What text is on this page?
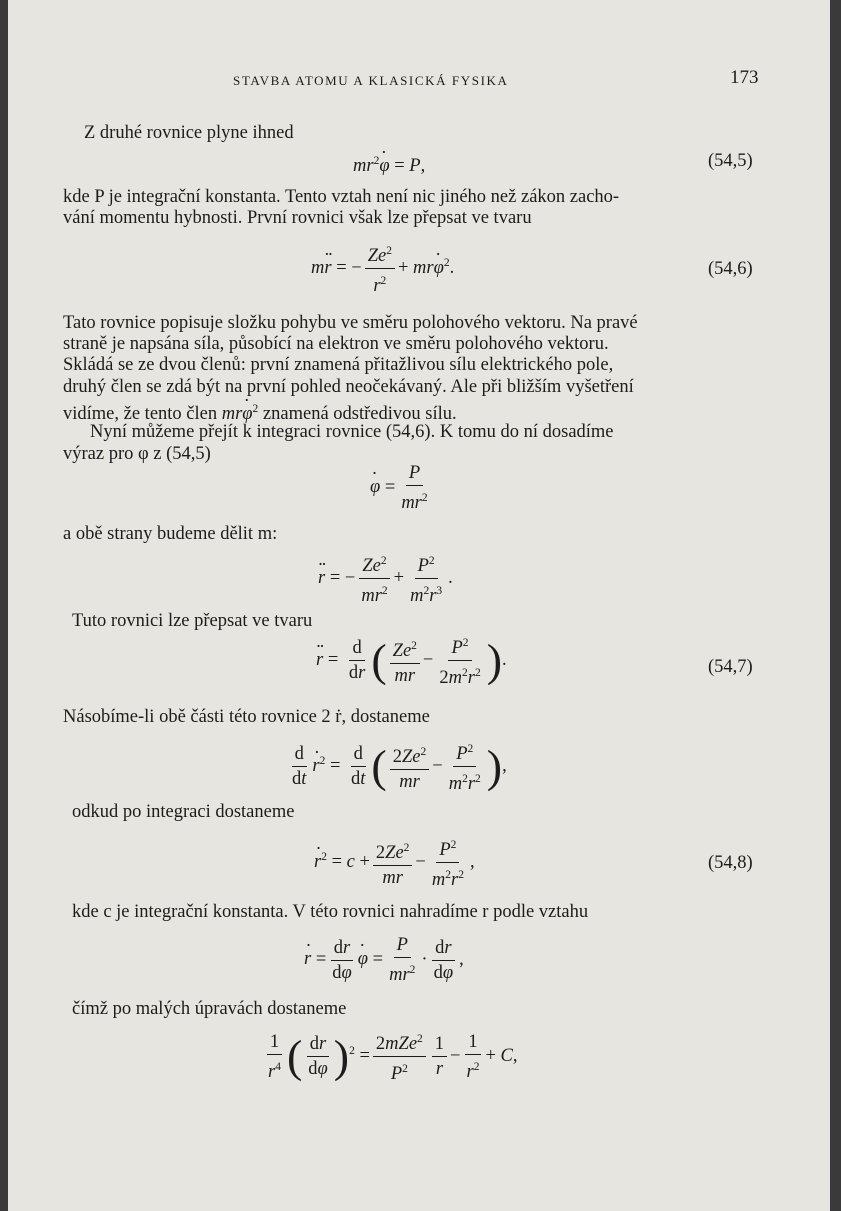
STAVBA ATOMU A KLASICKÁ FYSIKA	173
Z druhé rovnice plyne ihned
$mr^2\cdot \varphi = P$,	(54,5)
kde P je integrační konstanta. Tento vztah není nic jiného než zákon zacho-
vání momentu hybnosti. První rovnici však lze přepsat ve tvaru
m·· r = − $\frac{Ze^2}{r^2} + mr\cdot \varphi^2$.	(54,6)
Tato rovnice popisuje složku pohybu ve směru polohového vektoru. Na pravé
straně je napsána síla, působící na elektron ve směru polohového vektoru.
Skládá se ze dvou členů: první znamená přitažlivou sílu elektrického pole,
druhý člen se zdá být na první pohled neočekávaný. Ale při bližším vyšetření
vidíme, že tento člen $mr\cdot \varphi^2$ znamená odstředivou sílu.
Nyní můžeme přejít k integraci rovnice (54,6). K tomu do ní dosadíme
výraz pro φ z (54,5)
· $\varphi = \frac{P}{mr^2}$
a obě strany budeme dělit m:
·· r = − $\frac{Ze^2}{mr^2} + \frac{P^2}{m^2r^3}$ .
Tuto rovnici lze přepsat ve tvaru
·· $r = \frac{d}{dr}$ ( $\frac{Ze^2}{mr} - \frac{P^2}{2m^2r^2}$ ).	(54,7)
Násobíme-li obě části této rovnice 2 ṙ, dostaneme
$\frac{d}{dt}$
· $r^2 = \frac{d}{dt}$ ( $\frac{2Ze^2}{mr} - \frac{P^2}{m^2r^2}$ ),
odkud po integraci dostaneme
· $r^2 = c + \frac{2Ze^2}{mr} - \frac{P^2}{m^2r^2}$ ,	(54,8)
kde c je integrační konstanta. V této rovnici nahradíme r podle vztahu
· $r = \frac{dr}{d\varphi}$
· $\varphi = \frac{P}{mr^2} \cdot \frac{dr}{d\varphi}$ ,
čímž po malých úpravách dostaneme
$\frac{1}{r^4}$ ( $\frac{dr}{d\varphi} )^2 = \frac{2mZe^2}{P^2} \frac{1}{r} - \frac{1}{r^2} + C$,
